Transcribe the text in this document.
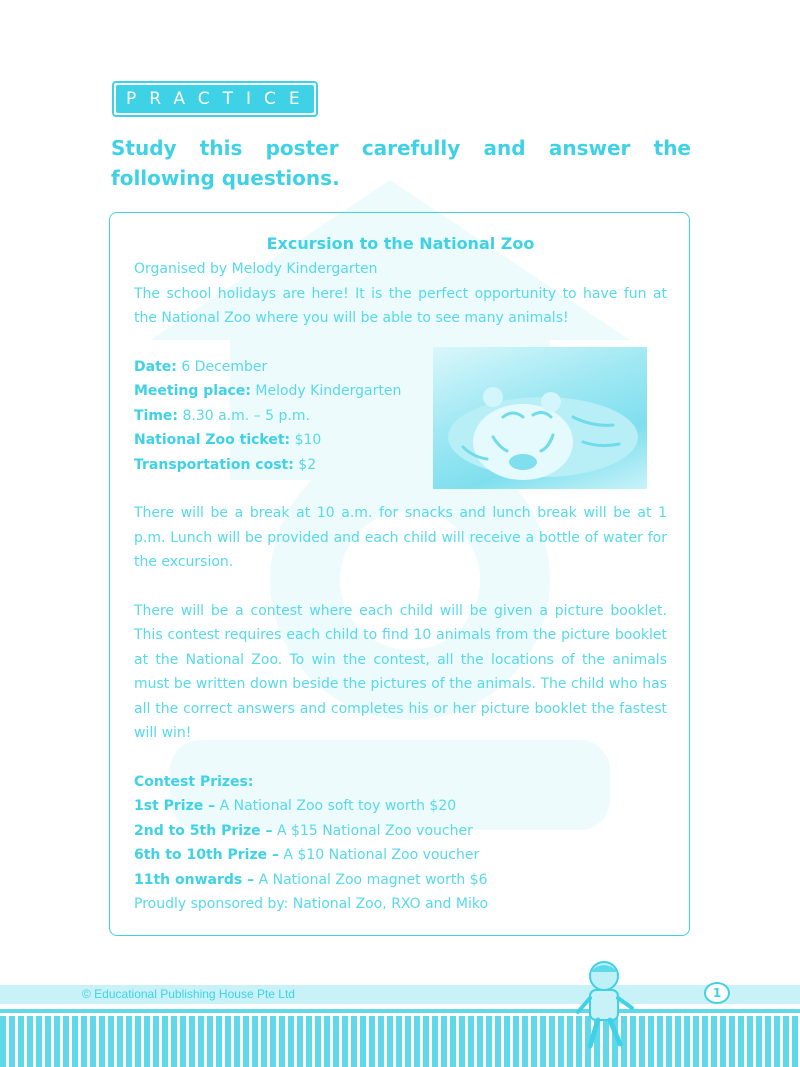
PRACTICE 1

Study this poster carefully and answer the following questions.

Excursion to the National Zoo

Organised by Melody Kindergarten

The school holidays are here! It is the perfect opportunity to have fun at the National Zoo where you will be able to see many animals!

Date: 6 December
Meeting place: Melody Kindergarten
Time: 8.30 a.m. – 5 p.m.
National Zoo ticket: $10
Transportation cost: $2

There will be a break at 10 a.m. for snacks and lunch break will be at 1 p.m. Lunch will be provided and each child will receive a bottle of water for the excursion.

There will be a contest where each child will be given a picture booklet. This contest requires each child to find 10 animals from the picture booklet at the National Zoo. To win the contest, all the locations of the animals must be written down beside the pictures of the animals. The child who has all the correct answers and completes his or her picture booklet the fastest will win!

Contest Prizes:
1st Prize – A National Zoo soft toy worth $20
2nd to 5th Prize – A $15 National Zoo voucher
6th to 10th Prize – A $10 National Zoo voucher
11th onwards – A National Zoo magnet worth $6
Proudly sponsored by: National Zoo, RXO and Miko
© Educational Publishing House Pte Ltd	1
